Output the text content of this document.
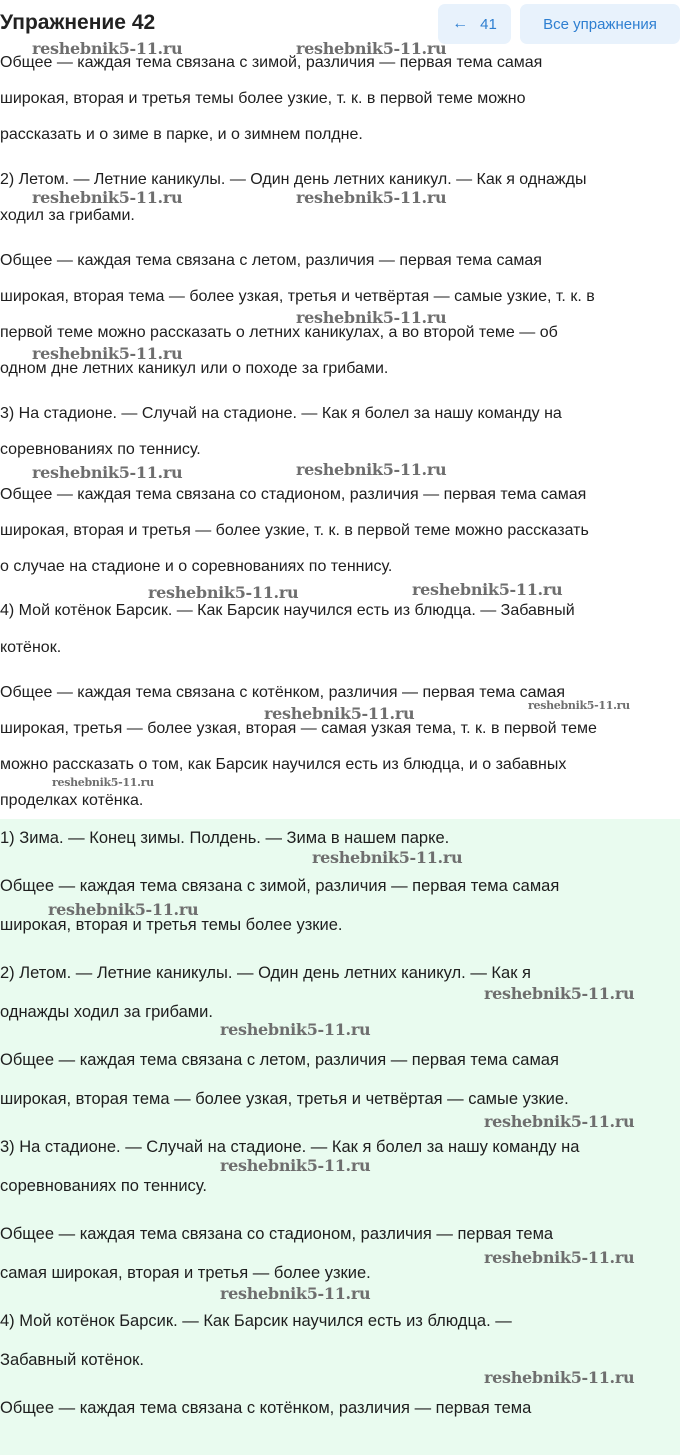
Упражнение 42	← 41	Все упражнения
Общее — каждая тема связана с зимой, различия — первая тема самая
широкая, вторая и третья темы более узкие, т. к. в первой теме можно
рассказать и о зиме в парке, и о зимнем полдне.
2) Летом. — Летние каникулы. — Один день летних каникул. — Как я однажды
ходил за грибами.
Общее — каждая тема связана с летом, различия — первая тема самая
широкая, вторая тема — более узкая, третья и четвёртая — самые узкие, т. к. в
первой теме можно рассказать о летних каникулах, а во второй теме — об
одном дне летних каникул или о походе за грибами.
3) На стадионе. — Случай на стадионе. — Как я болел за нашу команду на
соревнованиях по теннису.
Общее — каждая тема связана со стадионом, различия — первая тема самая
широкая, вторая и третья — более узкие, т. к. в первой теме можно рассказать
о случае на стадионе и о соревнованиях по теннису.
4) Мой котёнок Барсик. — Как Барсик научился есть из блюдца. — Забавный
котёнок.
Общее — каждая тема связана с котёнком, различия — первая тема самая
широкая, третья — более узкая, вторая — самая узкая тема, т. к. в первой теме
можно рассказать о том, как Барсик научился есть из блюдца, и о забавных
проделках котёнка.
1) Зима. — Конец зимы. Полдень. — Зима в нашем парке.
Общее — каждая тема связана с зимой, различия — первая тема самая
широкая, вторая и третья темы более узкие.
2) Летом. — Летние каникулы. — Один день летних каникул. — Как я
однажды ходил за грибами.
Общее — каждая тема связана с летом, различия — первая тема самая
широкая, вторая тема — более узкая, третья и четвёртая — самые узкие.
3) На стадионе. — Случай на стадионе. — Как я болел за нашу команду на
соревнованиях по теннису.
Общее — каждая тема связана со стадионом, различия — первая тема
самая широкая, вторая и третья — более узкие.
4) Мой котёнок Барсик. — Как Барсик научился есть из блюдца. —
Забавный котёнок.
Общее — каждая тема связана с котёнком, различия — первая тема
reshebnik5-11.ru	reshebnik5-11.ru
reshebnik5-11.ru	reshebnik5-11.ru
reshebnik5-11.ru
reshebnik5-11.ru
reshebnik5-11.ru	reshebnik5-11.ru
reshebnik5-11.ru	reshebnik5-11.ru
reshebnik5-11.ru
reshebnik5-11.ru
reshebnik5-11.ru
reshebnik5-11.ru
reshebnik5-11.ru
reshebnik5-11.ru
reshebnik5-11.ru
reshebnik5-11.ru
reshebnik5-11.ru
reshebnik5-11.ru
reshebnik5-11.ru
reshebnik5-11.ru
